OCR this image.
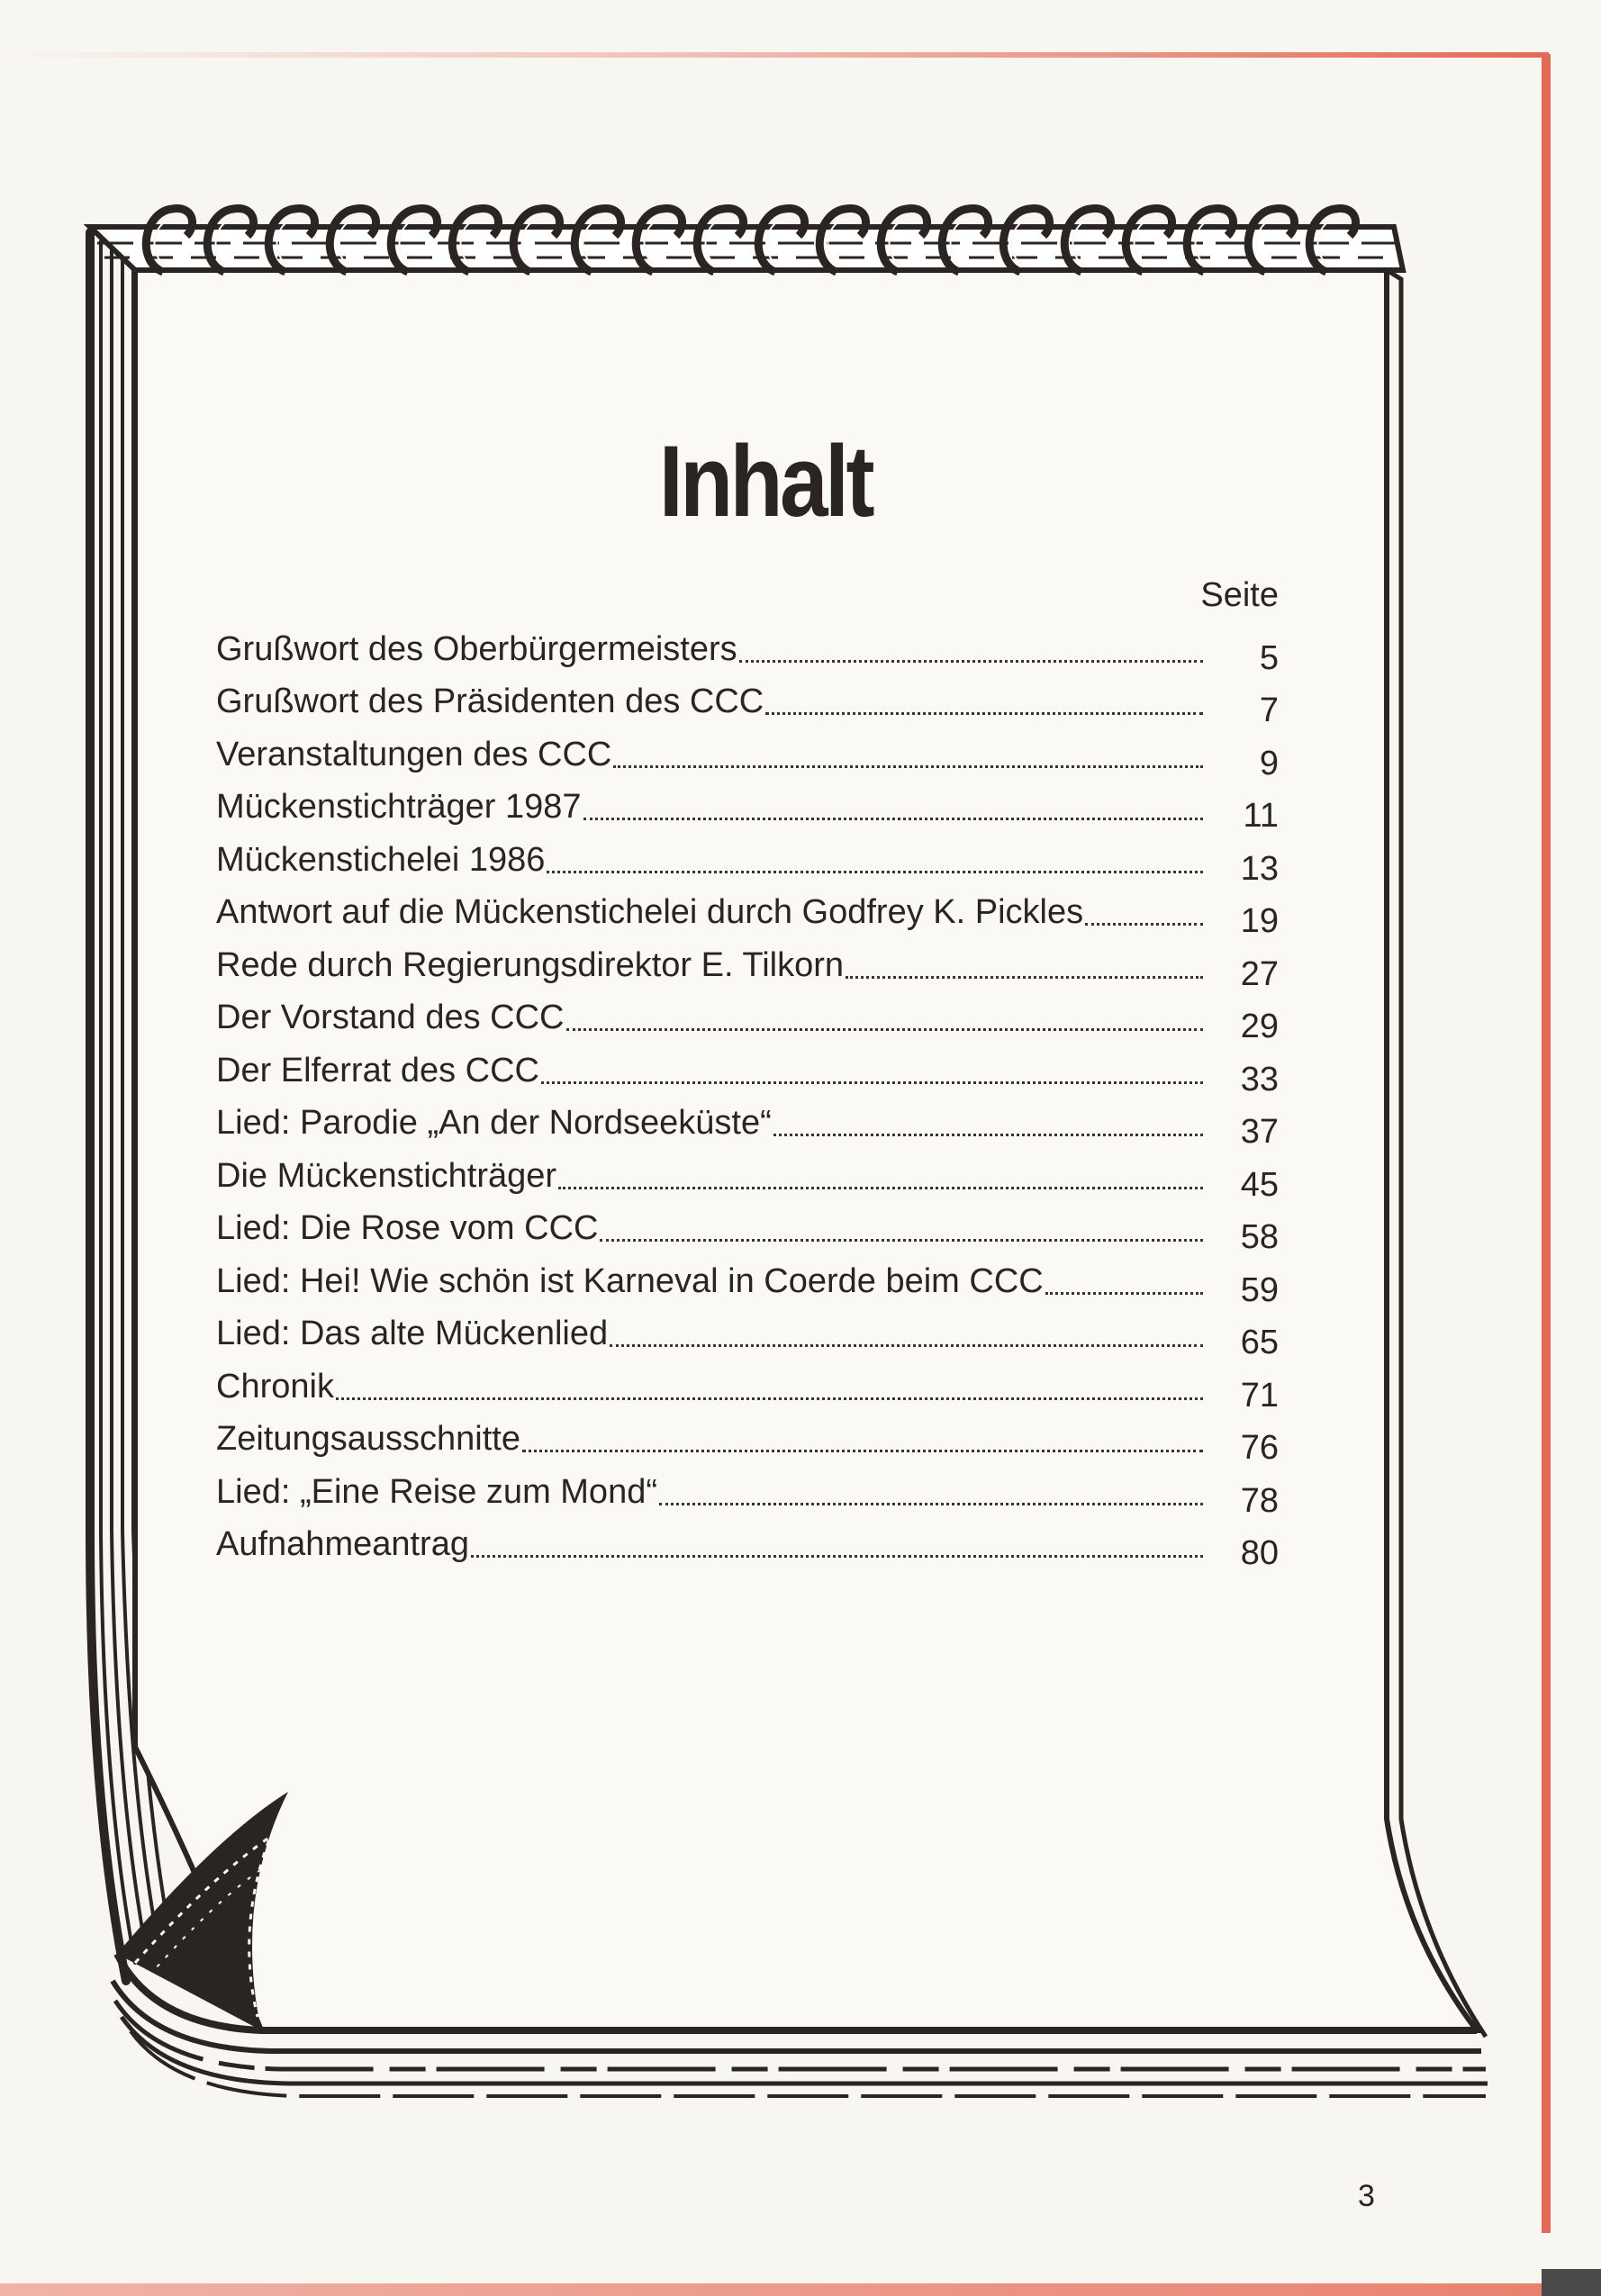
Inhalt
Seite
Grußwort des Oberbürgermeisters	5
Grußwort des Präsidenten des CCC	7
Veranstaltungen des CCC	9
Mückenstichträger 1987	11
Mückenstichelei 1986	13
Antwort auf die Mückenstichelei durch Godfrey K. Pickles	19
Rede durch Regierungsdirektor E. Tilkorn	27
Der Vorstand des CCC	29
Der Elferrat des CCC	33
Lied: Parodie „An der Nordseeküste“	37
Die Mückenstichträger	45
Lied: Die Rose vom CCC	58
Lied: Hei! Wie schön ist Karneval in Coerde beim CCC	59
Lied: Das alte Mückenlied	65
Chronik	71
Zeitungsausschnitte	76
Lied: „Eine Reise zum Mond“	78
Aufnahmeantrag	80
3
